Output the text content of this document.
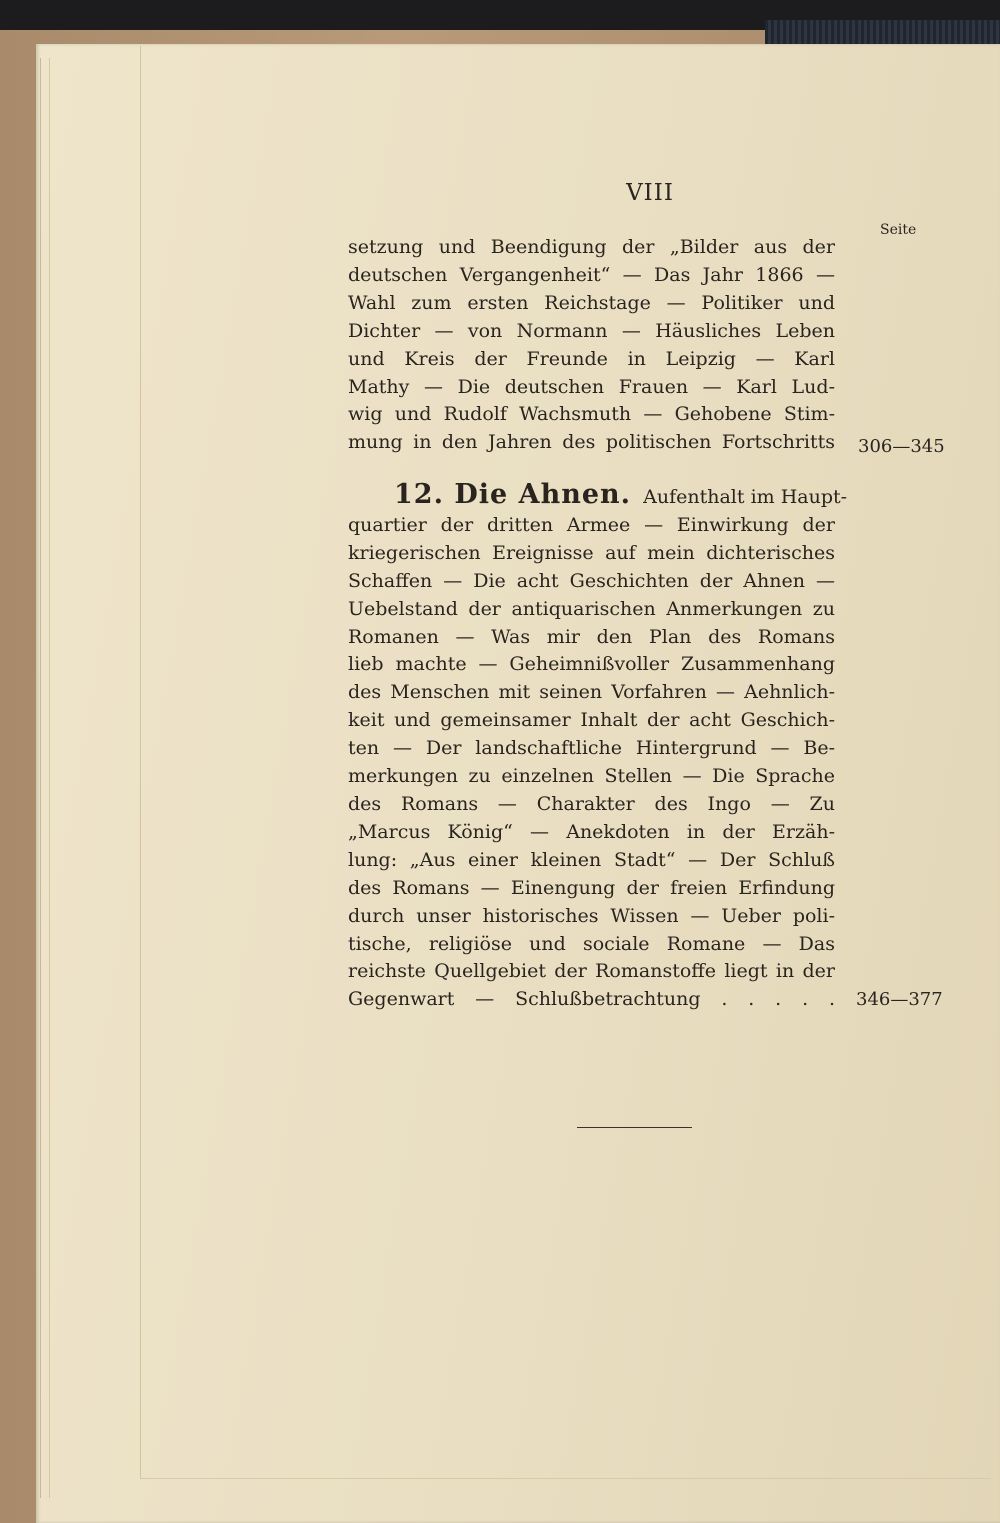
VIII
Seite
setzung und Beendigung der „Bilder aus der
deutschen Vergangenheit“ — Das Jahr 1866 —
Wahl zum ersten Reichstage — Politiker und
Dichter — von Normann — Häusliches Leben
und Kreis der Freunde in Leipzig — Karl
Mathy — Die deutschen Frauen — Karl Lud-
wig und Rudolf Wachsmuth — Gehobene Stim-
mung in den Jahren des politischen Fortschritts 306—345
12. Die Ahnen. Aufenthalt im Haupt-
quartier der dritten Armee — Einwirkung der
kriegerischen Ereignisse auf mein dichterisches
Schaffen — Die acht Geschichten der Ahnen —
Uebelstand der antiquarischen Anmerkungen zu
Romanen — Was mir den Plan des Romans
lieb machte — Geheimnißvoller Zusammenhang
des Menschen mit seinen Vorfahren — Aehnlich-
keit und gemeinsamer Inhalt der acht Geschich-
ten — Der landschaftliche Hintergrund — Be-
merkungen zu einzelnen Stellen — Die Sprache
des Romans — Charakter des Ingo — Zu
„Marcus König“ — Anekdoten in der Erzäh-
lung: „Aus einer kleinen Stadt“ — Der Schluß
des Romans — Einengung der freien Erfindung
durch unser historisches Wissen — Ueber poli-
tische, religiöse und sociale Romane — Das
reichste Quellgebiet der Romanstoffe liegt in der
Gegenwart — Schlußbetrachtung . . . . . 346—377
